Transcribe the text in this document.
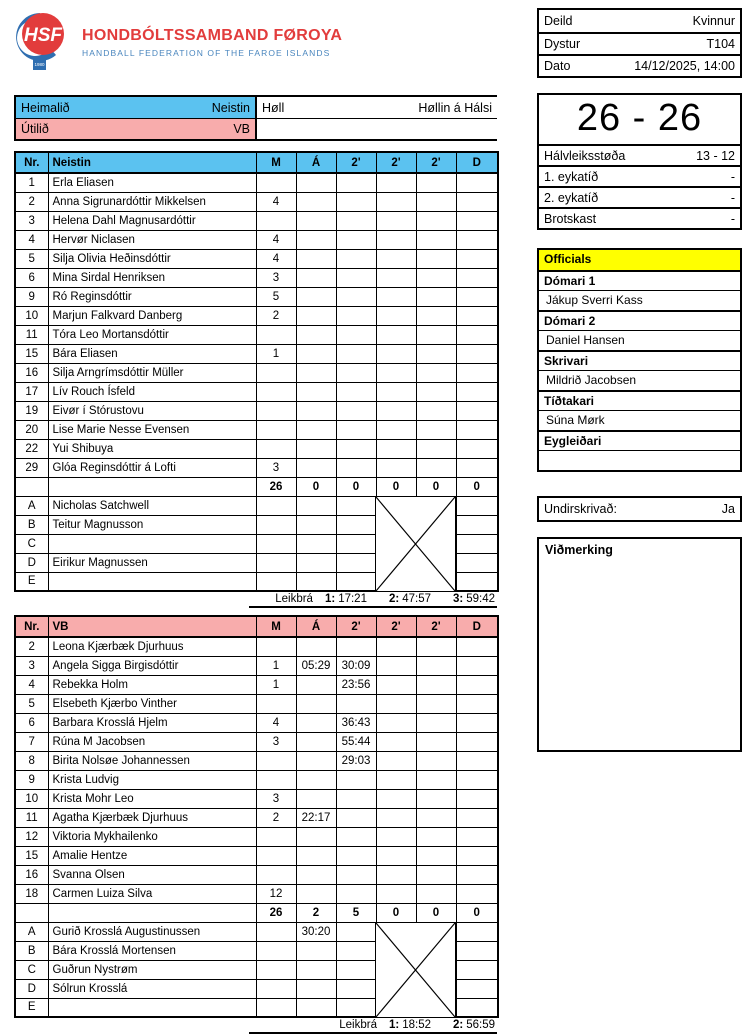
HSF
1980
HONDBÓLTSSAMBAND FØROYA
HANDBALL FEDERATION OF THE FAROE ISLANDS
Deild	Kvinnur
Dystur	T104
Dato	14/12/2025, 14:00
26 - 26
Hálvleiksstøða	13 - 12
1. eykatíð	-
2. eykatíð	-
Brotskast	-
Officials
Dómari 1
Jákup Sverri Kass
Dómari 2
Daniel Hansen
Skrivari
Mildrið Jacobsen
Tíðtakari
Súna Mørk
Eygleiðari
Undirskrivað:	Ja
Viðmerking
Heimalið	Neistin Høll	Høllin á Hálsi
Útilið	VB
Nr.	Neistin	M	Á	2'	2'	2'	D
1	Erla Eliasen						
2	Anna Sigrunardóttir Mikkelsen	4					
3	Helena Dahl Magnusardóttir						
4	Hervør Niclasen	4					
5	Silja Olivia Heðinsdóttir	4					
6	Mina Sirdal Henriksen	3					
9	Ró Reginsdóttir	5					
10	Marjun Falkvard Danberg	2					
11	Tóra Leo Mortansdóttir						
15	Bára Eliasen	1					
16	Silja Arngrímsdóttir Müller						
17	Lív Rouch Ísfeld						
19	Eivør í Stórustovu						
20	Lise Marie Nesse Evensen						
22	Yui Shibuya						
29	Glóa Reginsdóttir á Lofti	3					
		26	0	0	0	0	0
A	Nicholas Satchwell						
B	Teitur Magnusson						
C							
D	Eirikur Magnussen						
E							
Leikbrá 1: 17:21 2: 47:57 3: 59:42
Nr.	VB	M	Á	2'	2'	2'	D
2	Leona Kjærbæk Djurhuus						
3	Angela Sigga Birgisdóttir	1	05:29	30:09			
4	Rebekka Holm	1		23:56			
5	Elsebeth Kjærbo Vinther						
6	Barbara Krosslá Hjelm	4		36:43			
7	Rúna M Jacobsen	3		55:44			
8	Birita Nolsøe Johannessen			29:03			
9	Krista Ludvig						
10	Krista Mohr Leo	3					
11	Agatha Kjærbæk Djurhuus	2	22:17				
12	Viktoria Mykhailenko						
15	Amalie Hentze						
16	Svanna Olsen						
18	Carmen Luiza Silva	12					
		26	2	5	0	0	0
A	Gurið Krosslá Augustinussen		30:20				
B	Bára Krosslá Mortensen						
C	Guðrun Nystrøm						
D	Sólrun Krosslá						
E							
Leikbrá 1: 18:52 2: 56:59
